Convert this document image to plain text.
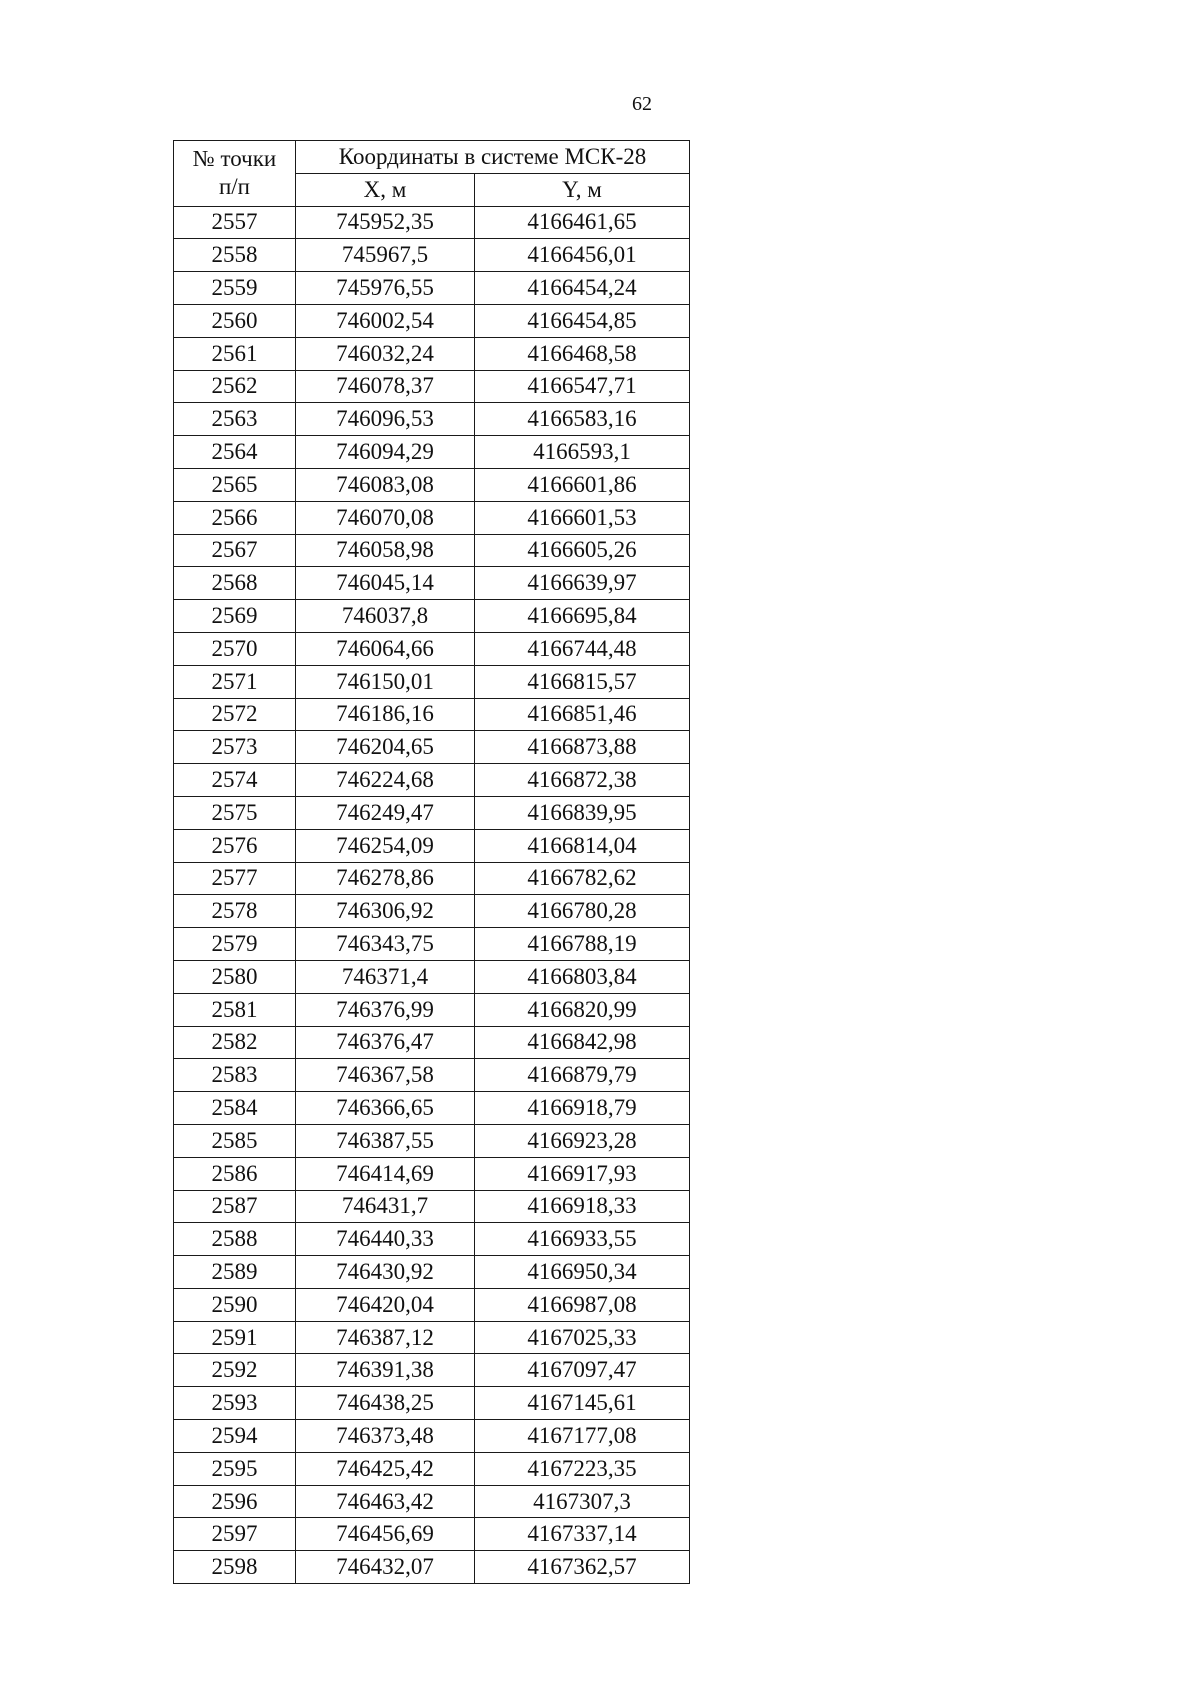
62
№ точки
п/п	Координаты в системе МСК-28	
	X, м	Y, м
2557	745952,35	4166461,65
2558	745967,5	4166456,01
2559	745976,55	4166454,24
2560	746002,54	4166454,85
2561	746032,24	4166468,58
2562	746078,37	4166547,71
2563	746096,53	4166583,16
2564	746094,29	4166593,1
2565	746083,08	4166601,86
2566	746070,08	4166601,53
2567	746058,98	4166605,26
2568	746045,14	4166639,97
2569	746037,8	4166695,84
2570	746064,66	4166744,48
2571	746150,01	4166815,57
2572	746186,16	4166851,46
2573	746204,65	4166873,88
2574	746224,68	4166872,38
2575	746249,47	4166839,95
2576	746254,09	4166814,04
2577	746278,86	4166782,62
2578	746306,92	4166780,28
2579	746343,75	4166788,19
2580	746371,4	4166803,84
2581	746376,99	4166820,99
2582	746376,47	4166842,98
2583	746367,58	4166879,79
2584	746366,65	4166918,79
2585	746387,55	4166923,28
2586	746414,69	4166917,93
2587	746431,7	4166918,33
2588	746440,33	4166933,55
2589	746430,92	4166950,34
2590	746420,04	4166987,08
2591	746387,12	4167025,33
2592	746391,38	4167097,47
2593	746438,25	4167145,61
2594	746373,48	4167177,08
2595	746425,42	4167223,35
2596	746463,42	4167307,3
2597	746456,69	4167337,14
2598	746432,07	4167362,57
